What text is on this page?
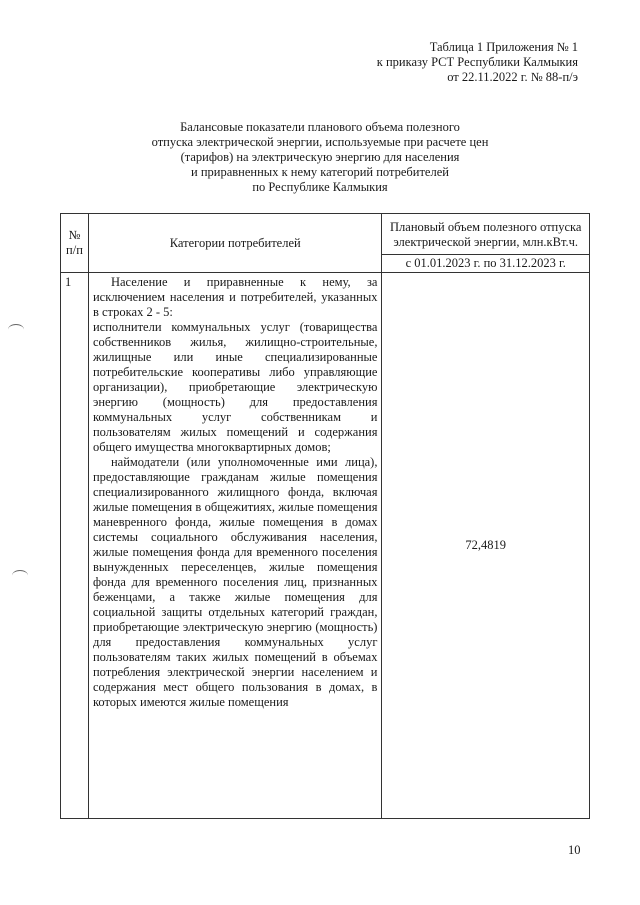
Таблица 1 Приложения № 1
к приказу РСТ Республики Калмыкия
от 22.11.2022 г. № 88-п/э
Балансовые показатели планового объема полезного
отпуска электрической энергии, используемые при расчете цен
(тарифов) на электрическую энергию для населения
и приравненных к нему категорий потребителей
по Республике Калмыкия
№ п/п	Категории потребителей	Плановый объем полезного отпуска электрической энергии, млн.кВт.ч.
		с 01.01.2023 г. по 31.12.2023 г.
1	Население и приравненные к нему, за исключением населения и потребителей, указанных в строках 2 - 5:

исполнители коммунальных услуг (товарищества собственников жилья, жилищно-строительные, жилищные или иные специализированные потребительские кооперативы либо управляющие организации), приобретающие электрическую энергию (мощность) для предоставления коммунальных услуг собственникам и пользователям жилых помещений и содержания общего имущества многоквартирных домов;

наймодатели (или уполномоченные ими лица), предоставляющие гражданам жилые помещения специализированного жилищного фонда, включая жилые помещения в общежитиях, жилые помещения маневренного фонда, жилые помещения в домах системы социального обслуживания населения, жилые помещения фонда для временного поселения вынужденных переселенцев, жилые помещения фонда для временного поселения лиц, признанных беженцами, а также жилые помещения для социальной защиты отдельных категорий граждан, приобретающие электрическую энергию (мощность) для предоставления коммунальных услуг пользователям таких жилых помещений в объемах потребления электрической энергии населением и содержания мест общего пользования в домах, в которых имеются жилые помещения	72,4819
10
